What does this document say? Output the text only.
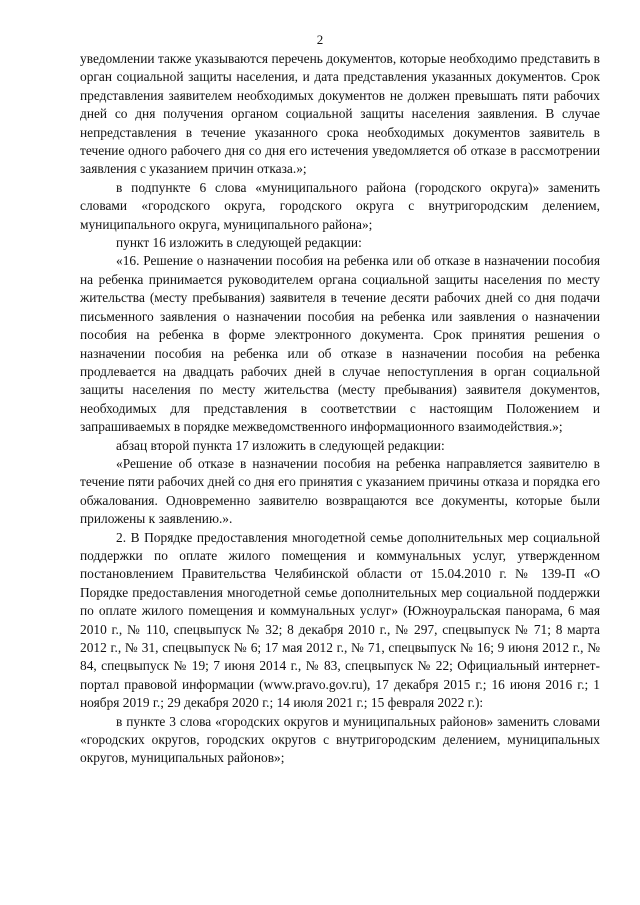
2

уведомлении также указываются перечень документов, которые необходимо представить в орган социальной защиты населения, и дата представления указанных документов. Срок представления заявителем необходимых документов не должен превышать пяти рабочих дней со дня получения органом социальной защиты населения заявления. В случае непредставления в течение указанного срока необходимых документов заявитель в течение одного рабочего дня со дня его истечения уведомляется об отказе в рассмотрении заявления с указанием причин отказа.»;

в подпункте 6 слова «муниципального района (городского округа)» заменить словами «городского округа, городского округа с внутригородским делением, муниципального округа, муниципального района»;

пункт 16 изложить в следующей редакции:

«16. Решение о назначении пособия на ребенка или об отказе в назначении пособия на ребенка принимается руководителем органа социальной защиты населения по месту жительства (месту пребывания) заявителя в течение десяти рабочих дней со дня подачи письменного заявления о назначении пособия на ребенка или заявления о назначении пособия на ребенка в форме электронного документа. Срок принятия решения о назначении пособия на ребенка или об отказе в назначении пособия на ребенка продлевается на двадцать рабочих дней в случае непоступления в орган социальной защиты населения по месту жительства (месту пребывания) заявителя документов, необходимых для представления в соответствии с настоящим Положением и запрашиваемых в порядке межведомственного информационного взаимодействия.»;

абзац второй пункта 17 изложить в следующей редакции:

«Решение об отказе в назначении пособия на ребенка направляется заявителю в течение пяти рабочих дней со дня его принятия с указанием причины отказа и порядка его обжалования. Одновременно заявителю возвращаются все документы, которые были приложены к заявлению.».

2. В Порядке предоставления многодетной семье дополнительных мер социальной поддержки по оплате жилого помещения и коммунальных услуг, утвержденном постановлением Правительства Челябинской области от 15.04.2010 г. № 139-П «О Порядке предоставления многодетной семье дополнительных мер социальной поддержки по оплате жилого помещения и коммунальных услуг» (Южноуральская панорама, 6 мая 2010 г., № 110, спецвыпуск № 32; 8 декабря 2010 г., № 297, спецвыпуск № 71; 8 марта 2012 г., № 31, спецвыпуск № 6; 17 мая 2012 г., № 71, спецвыпуск № 16; 9 июня 2012 г., № 84, спецвыпуск № 19; 7 июня 2014 г., № 83, спецвыпуск № 22; Официальный интернет-портал правовой информации (www.pravo.gov.ru), 17 декабря 2015 г.; 16 июня 2016 г.; 1 ноября 2019 г.; 29 декабря 2020 г.; 14 июля 2021 г.; 15 февраля 2022 г.):

в пункте 3 слова «городских округов и муниципальных районов» заменить словами «городских округов, городских округов с внутригородским делением, муниципальных округов, муниципальных районов»;
